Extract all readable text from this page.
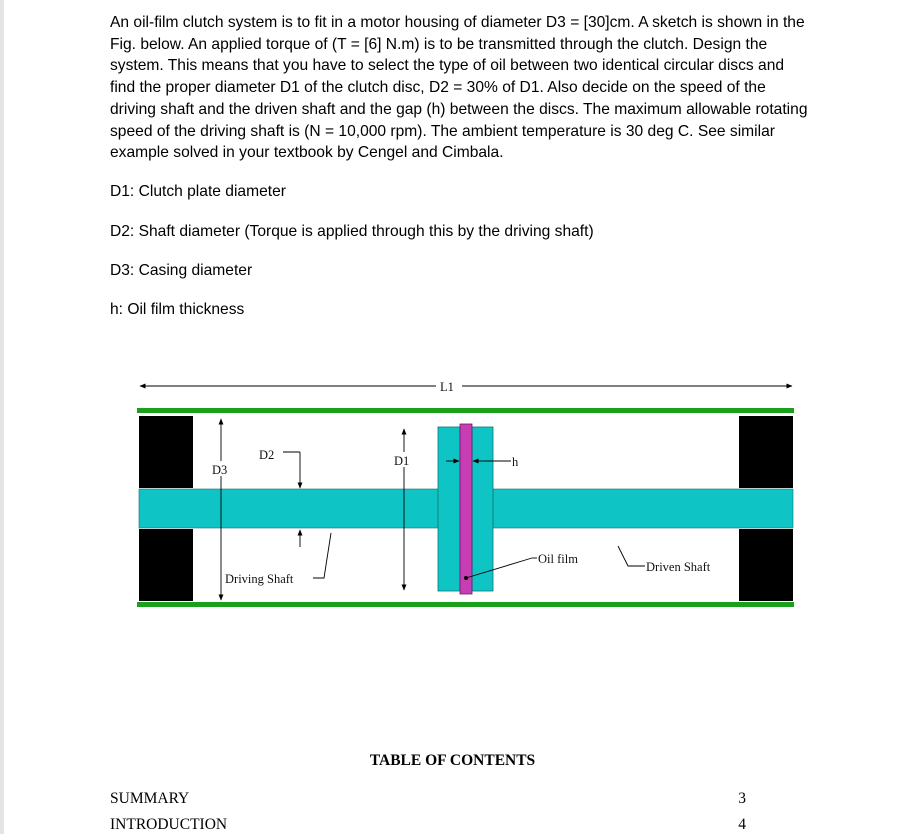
An oil-film clutch system is to fit in a motor housing of diameter D3 = [30]cm. A sketch is shown in the Fig. below. An applied torque of (T = [6] N.m) is to be transmitted through the clutch. Design the system. This means that you have to select the type of oil between two identical circular discs and find the proper diameter D1 of the clutch disc, D2 = 30% of D1. Also decide on the speed of the driving shaft and the driven shaft and the gap (h) between the discs. The maximum allowable rotating speed of the driving shaft is (N = 10,000 rpm). The ambient temperature is 30 deg C. See similar example solved in your textbook by Cengel and Cimbala.

D1: Clutch plate diameter

D2: Shaft diameter (Torque is applied through this by the driving shaft)

D3: Casing diameter

h: Oil film thickness

L1
D3
D2	D1	h
Oil film
Driven Shaft
Driving Shaft

TABLE OF CONTENTS

SUMMARY	3
INTRODUCTION	4
